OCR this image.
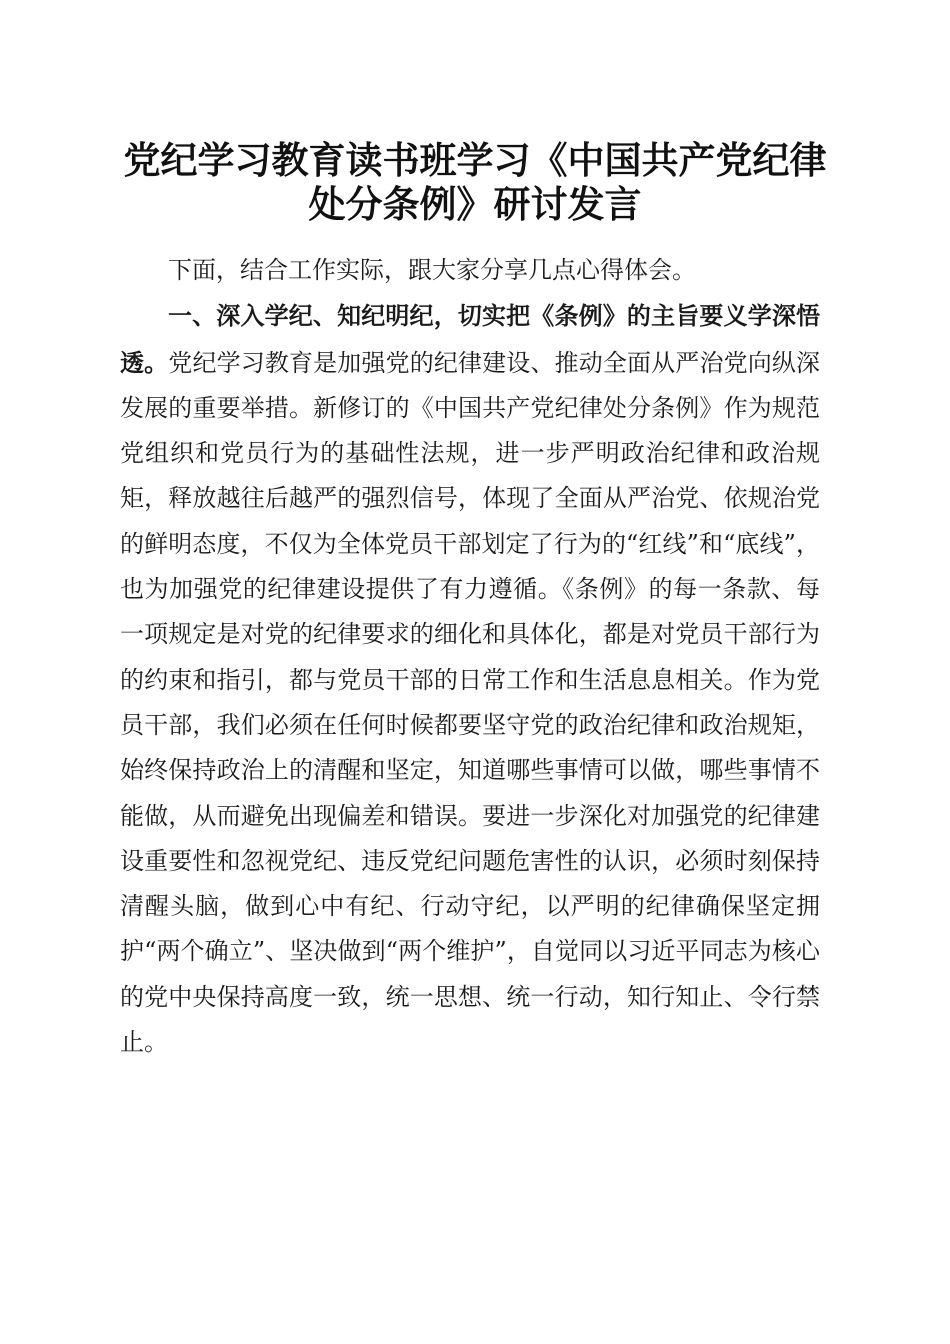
党纪学习教育读书班学习《中国共产党纪律处分条例》研讨发言

下面，结合工作实际，跟大家分享几点心得体会。

一、深入学纪、知纪明纪，切实把《条例》的主旨要义学深悟透。党纪学习教育是加强党的纪律建设、推动全面从严治党向纵深发展的重要举措。新修订的《中国共产党纪律处分条例》作为规范党组织和党员行为的基础性法规，进一步严明政治纪律和政治规矩，释放越往后越严的强烈信号，体现了全面从严治党、依规治党的鲜明态度，不仅为全体党员干部划定了行为的“红线”和“底线”，也为加强党的纪律建设提供了有力遵循。《条例》的每一条款、每一项规定是对党的纪律要求的细化和具体化，都是对党员干部行为的约束和指引，都与党员干部的日常工作和生活息息相关。作为党员干部，我们必须在任何时候都要坚守党的政治纪律和政治规矩，始终保持政治上的清醒和坚定，知道哪些事情可以做，哪些事情不能做，从而避免出现偏差和错误。要进一步深化对加强党的纪律建设重要性和忽视党纪、违反党纪问题危害性的认识，必须时刻保持清醒头脑，做到心中有纪、行动守纪，以严明的纪律确保坚定拥护“两个确立”、坚决做到“两个维护”，自觉同以习近平同志为核心的党中央保持高度一致，统一思想、统一行动，知行知止、令行禁止。
